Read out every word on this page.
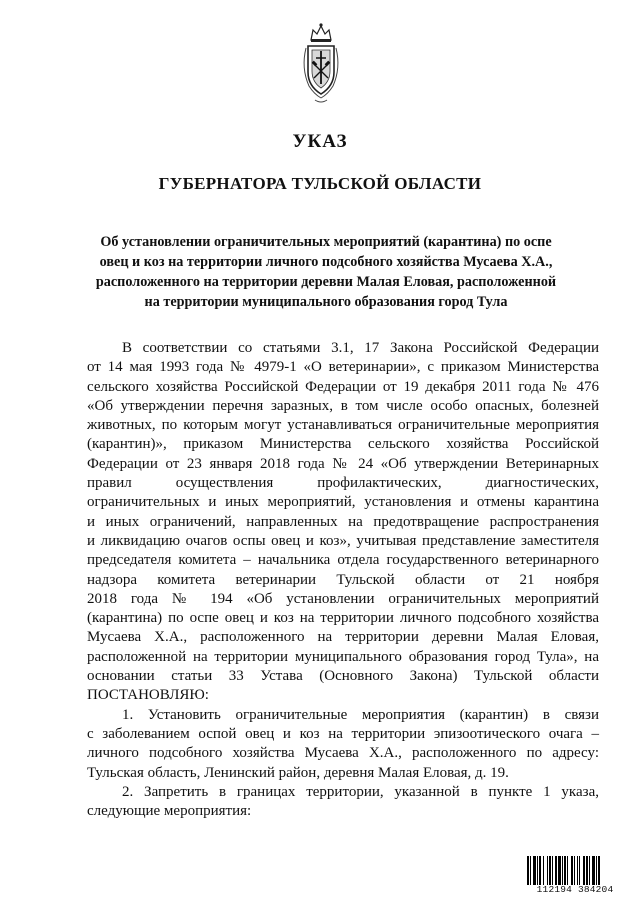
УКАЗ
ГУБЕРНАТОРА ТУЛЬСКОЙ ОБЛАСТИ
Об установлении ограничительных мероприятий (карантина) по оспе
овец и коз на территории личного подсобного хозяйства Мусаева Х.А.,
расположенного на территории деревни Малая Еловая, расположенной
на территории муниципального образования город Тула
В соответствии со статьями 3.1, 17 Закона Российской Федерации
от 14 мая 1993 года № 4979-1 «О ветеринарии», с приказом Министерства
сельского хозяйства Российской Федерации от 19 декабря 2011 года № 476
«Об утверждении перечня заразных, в том числе особо опасных, болезней
животных, по которым могут устанавливаться ограничительные мероприятия
(карантин)», приказом Министерства сельского хозяйства Российской
Федерации от 23 января 2018 года № 24 «Об утверждении Ветеринарных
правил осуществления профилактических, диагностических,
ограничительных и иных мероприятий, установления и отмены карантина
и иных ограничений, направленных на предотвращение распространения
и ликвидацию очагов оспы овец и коз», учитывая представление заместителя
председателя комитета – начальника отдела государственного ветеринарного
надзора комитета ветеринарии Тульской области от 21 ноября
2018 года № 194 «Об установлении ограничительных мероприятий
(карантина) по оспе овец и коз на территории личного подсобного хозяйства
Мусаева Х.А., расположенного на территории деревни Малая Еловая,
расположенной на территории муниципального образования город Тула», на
основании статьи 33 Устава (Основного Закона) Тульской области
ПОСТАНОВЛЯЮ:
1. Установить ограничительные мероприятия (карантин) в связи
с заболеванием оспой овец и коз на территории эпизоотического очага –
личного подсобного хозяйства Мусаева Х.А., расположенного по адресу:
Тульская область, Ленинский район, деревня Малая Еловая, д. 19.
2. Запретить в границах территории, указанной в пункте 1 указа,
следующие мероприятия:
112194 384204
